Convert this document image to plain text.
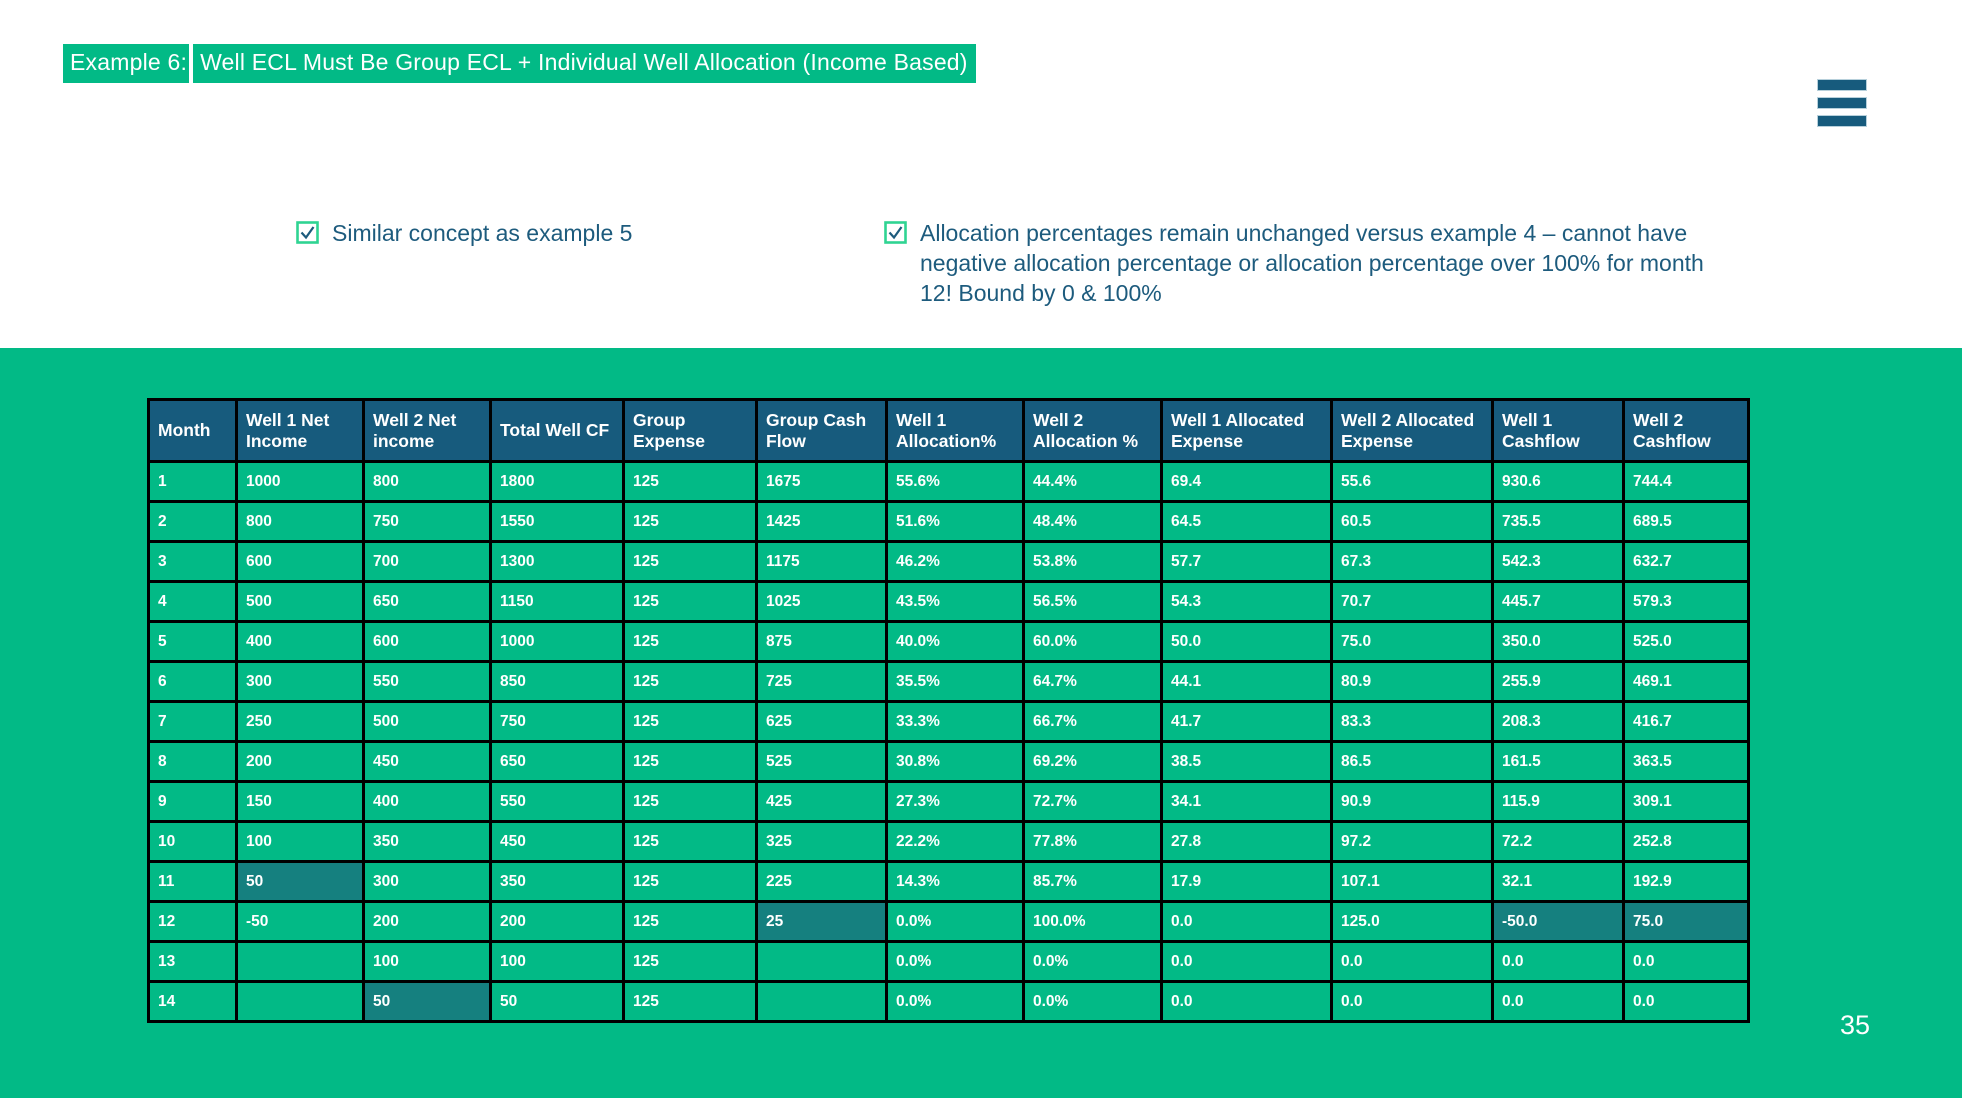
Example 6: Well ECL Must Be Group ECL + Individual Well Allocation (Income Based)
Similar concept as example 5	Allocation percentages remain unchanged versus example 4 – cannot have negative allocation percentage or allocation percentage over 100% for month 12! Bound by 0 & 100%
Month	Well 1 Net Income	Well 2 Net income	Total Well CF	Group Expense	Group Cash Flow	Well 1 Allocation%	Well 2 Allocation %	Well 1 Allocated Expense	Well 2 Allocated Expense	Well 1 Cashflow	Well 2 Cashflow
1	1000	800	1800	125	1675	55.6%	44.4%	69.4	55.6	930.6	744.4
2	800	750	1550	125	1425	51.6%	48.4%	64.5	60.5	735.5	689.5
3	600	700	1300	125	1175	46.2%	53.8%	57.7	67.3	542.3	632.7
4	500	650	1150	125	1025	43.5%	56.5%	54.3	70.7	445.7	579.3
5	400	600	1000	125	875	40.0%	60.0%	50.0	75.0	350.0	525.0
6	300	550	850	125	725	35.5%	64.7%	44.1	80.9	255.9	469.1
7	250	500	750	125	625	33.3%	66.7%	41.7	83.3	208.3	416.7
8	200	450	650	125	525	30.8%	69.2%	38.5	86.5	161.5	363.5
9	150	400	550	125	425	27.3%	72.7%	34.1	90.9	115.9	309.1
10	100	350	450	125	325	22.2%	77.8%	27.8	97.2	72.2	252.8
11	50	300	350	125	225	14.3%	85.7%	17.9	107.1	32.1	192.9
12	-50	200	200	125	25	0.0%	100.0%	0.0	125.0	-50.0	75.0
13		100	100	125		0.0%	0.0%	0.0	0.0	0.0	0.0
14		50	50	125		0.0%	0.0%	0.0	0.0	0.0	0.0
35
